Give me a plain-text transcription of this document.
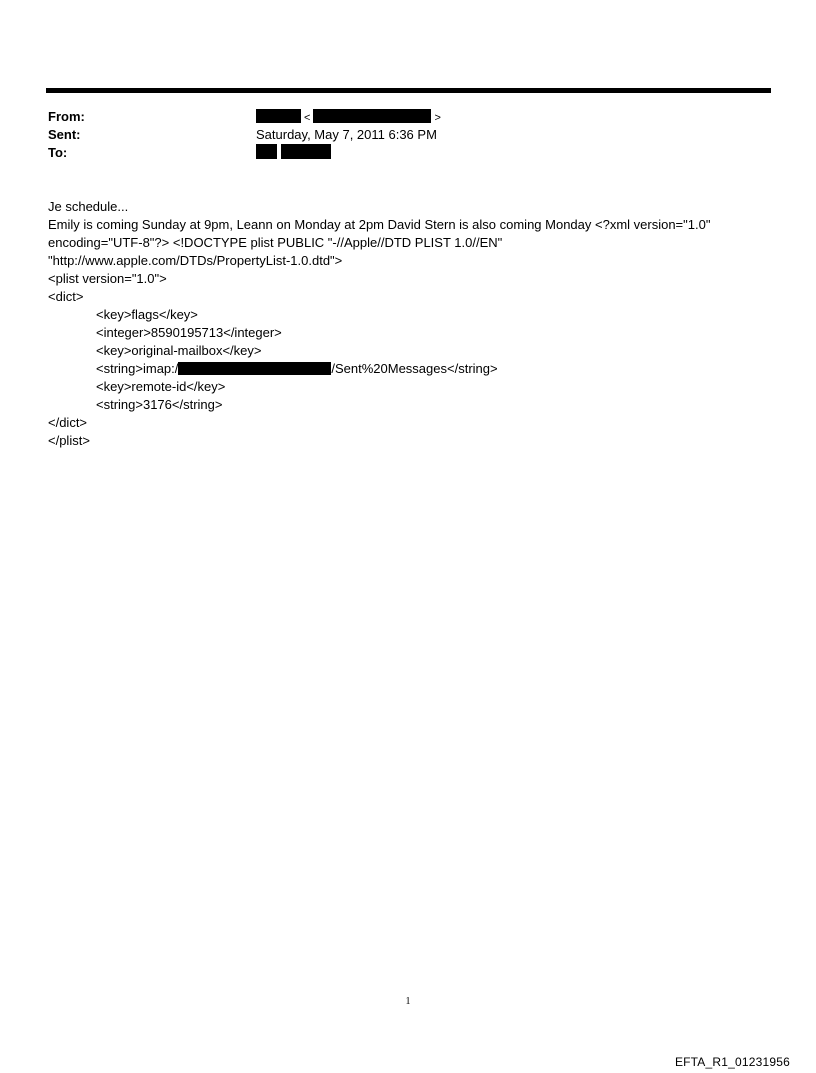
From:	<	>
Sent:	Saturday, May 7, 2011 6:36 PM
To:

Je schedule...
Emily is coming Sunday at 9pm, Leann on Monday at 2pm David Stern is also coming Monday <?xml version="1.0"
encoding="UTF-8"?> <!DOCTYPE plist PUBLIC "-//Apple//DTD PLIST 1.0//EN"
"http://www.apple.com/DTDs/PropertyList-1.0.dtd">
<plist version="1.0">
<dict>
<key>flags</key>
<integer>8590195713</integer>
<key>original-mailbox</key>
<string>imap:/	/Sent%20Messages</string>
<key>remote-id</key>
<string>3176</string>
</dict>
</plist>
1
EFTA_R1_01231956
